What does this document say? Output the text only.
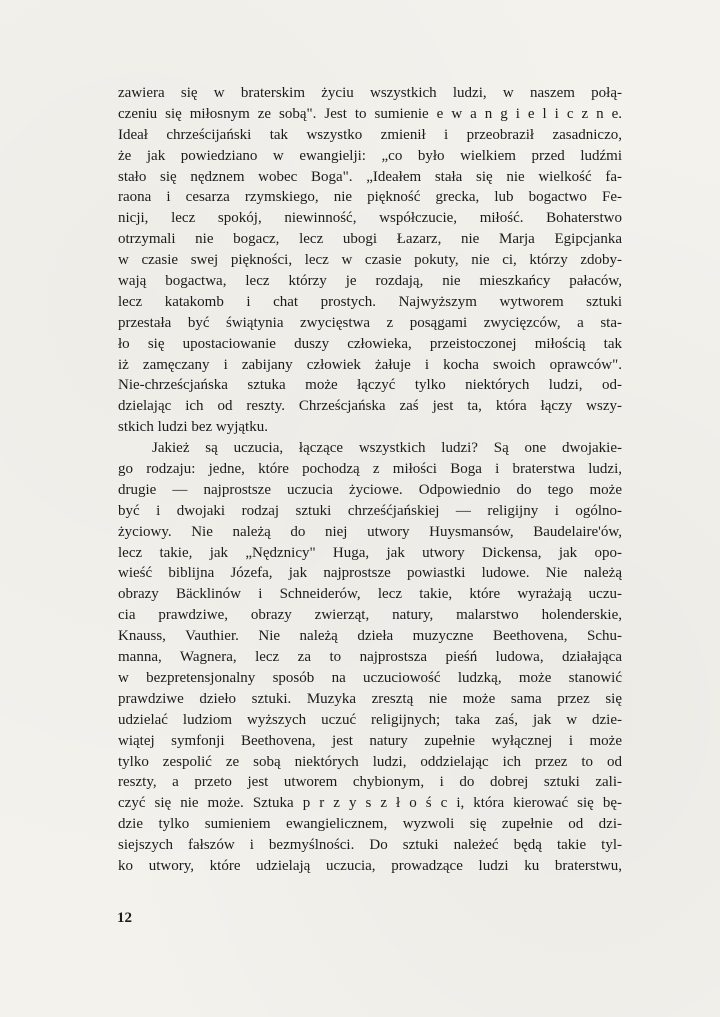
zawiera się w braterskim życiu wszystkich ludzi, w naszem połą-
czeniu się miłosnym ze sobą". Jest to sumienie e w a n g i e l i c z n e.
Ideał chrześcijański tak wszystko zmienił i przeobraził zasadniczo,
że jak powiedziano w ewangielji: „co było wielkiem przed ludźmi
stało się nędznem wobec Boga". „Ideałem stała się nie wielkość fa-
raona i cesarza rzymskiego, nie piękność grecka, lub bogactwo Fe-
nicji, lecz spokój, niewinność, współczucie, miłość. Bohaterstwo
otrzymali nie bogacz, lecz ubogi Łazarz, nie Marja Egipcjanka
w czasie swej piękności, lecz w czasie pokuty, nie ci, którzy zdoby-
wają bogactwa, lecz którzy je rozdają, nie mieszkańcy pałaców,
lecz katakomb i chat prostych. Najwyższym wytworem sztuki
przestała być świątynia zwycięstwa z posągami zwycięzców, a sta-
ło się upostaciowanie duszy człowieka, przeistoczonej miłością tak
iż zamęczany i zabijany człowiek żałuje i kocha swoich oprawców".
Nie-chrześcjańska sztuka może łączyć tylko niektórych ludzi, od-
dzielając ich od reszty. Chrześcjańska zaś jest ta, która łączy wszy-
stkich ludzi bez wyjątku.
Jakież są uczucia, łączące wszystkich ludzi? Są one dwojakie-
go rodzaju: jedne, które pochodzą z miłości Boga i braterstwa ludzi,
drugie — najprostsze uczucia życiowe. Odpowiednio do tego może
być i dwojaki rodzaj sztuki chrześćjańskiej — religijny i ogólno-
życiowy. Nie należą do niej utwory Huysmansów, Baudelaire'ów,
lecz takie, jak „Nędznicy" Huga, jak utwory Dickensa, jak opo-
wieść biblijna Józefa, jak najprostsze powiastki ludowe. Nie należą
obrazy Bäcklinów i Schneiderów, lecz takie, które wyrażają uczu-
cia prawdziwe, obrazy zwierząt, natury, malarstwo holenderskie,
Knauss, Vauthier. Nie należą dzieła muzyczne Beethovena, Schu-
manna, Wagnera, lecz za to najprostsza pieśń ludowa, działająca
w bezpretensjonalny sposób na uczuciowość ludzką, może stanowić
prawdziwe dzieło sztuki. Muzyka zresztą nie może sama przez się
udzielać ludziom wyższych uczuć religijnych; taka zaś, jak w dzie-
wiątej symfonji Beethovena, jest natury zupełnie wyłącznej i może
tylko zespolić ze sobą niektórych ludzi, oddzielając ich przez to od
reszty, a przeto jest utworem chybionym, i do dobrej sztuki zali-
czyć się nie może. Sztuka p r z y s z ł o ś c i, która kierować się bę-
dzie tylko sumieniem ewangielicznem, wyzwoli się zupełnie od dzi-
siejszych fałszów i bezmyślności. Do sztuki należeć będą takie tyl-
ko utwory, które udzielają uczucia, prowadzące ludzi ku braterstwu,
12
